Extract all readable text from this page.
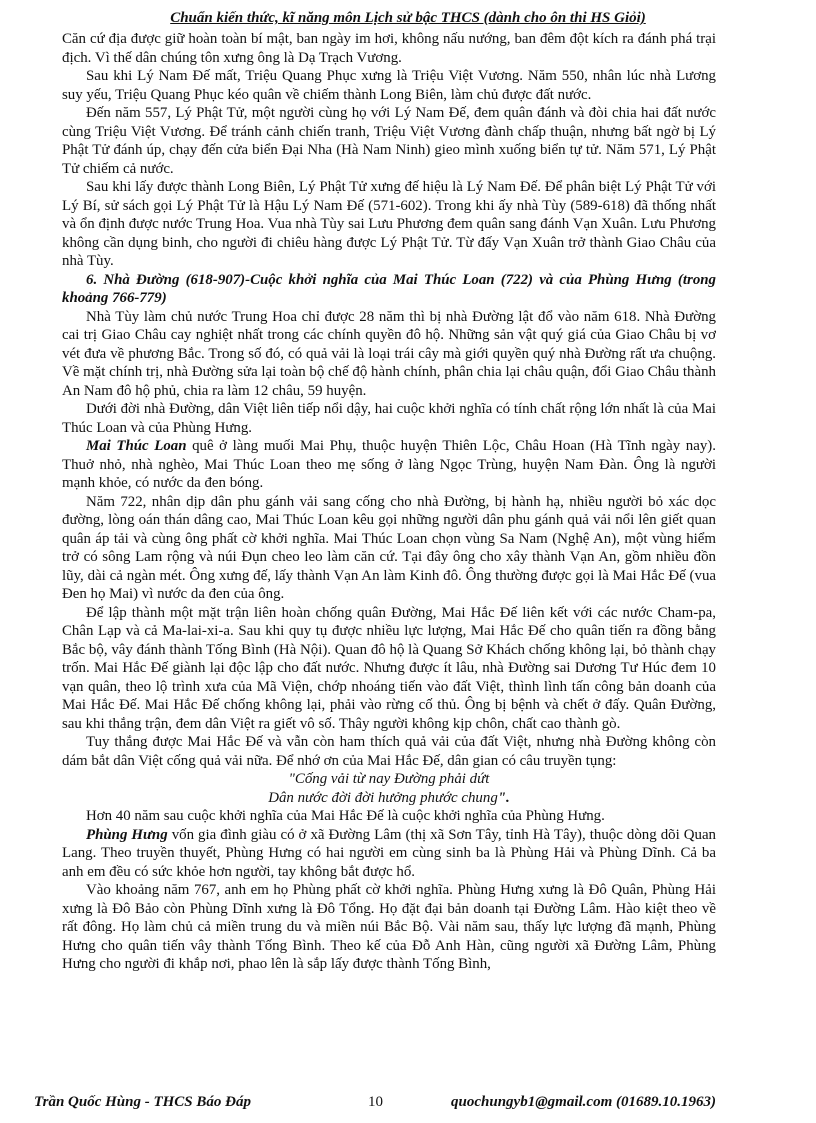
Chuẩn kiến thức, kĩ năng môn Lịch sử bậc THCS (dành cho ôn thi HS Giỏi)

Căn cứ địa được giữ hoàn toàn bí mật, ban ngày im hơi, không nấu nướng, ban đêm đột kích ra đánh phá trại địch. Vì thế dân chúng tôn xưng ông là Dạ Trạch Vương.

Sau khi Lý Nam Đế mất, Triệu Quang Phục xưng là Triệu Việt Vương. Năm 550, nhân lúc nhà Lương suy yếu, Triệu Quang Phục kéo quân về chiếm thành Long Biên, làm chủ được đất nước.

Đến năm 557, Lý Phật Tử, một người cùng họ với Lý Nam Đế, đem quân đánh và đòi chia hai đất nước cùng Triệu Việt Vương. Để tránh cảnh chiến tranh, Triệu Việt Vương đành chấp thuận, nhưng bất ngờ bị Lý Phật Tử đánh úp, chạy đến cửa biển Đại Nha (Hà Nam Ninh) gieo mình xuống biển tự tử. Năm 571, Lý Phật Tử chiếm cả nước.

Sau khi lấy được thành Long Biên, Lý Phật Tử xưng đế hiệu là Lý Nam Đế. Để phân biệt Lý Phật Tử với Lý Bí, sử sách gọi Lý Phật Tử là Hậu Lý Nam Đế (571-602). Trong khi ấy nhà Tùy (589-618) đã thống nhất và ổn định được nước Trung Hoa. Vua nhà Tùy sai Lưu Phương đem quân sang đánh Vạn Xuân. Lưu Phương không cần dụng binh, cho người đi chiêu hàng được Lý Phật Tử. Từ đấy Vạn Xuân trở thành Giao Châu của nhà Tùy.

6. Nhà Đường (618-907)-Cuộc khởi nghĩa của Mai Thúc Loan (722) và của Phùng Hưng (trong khoảng 766-779)

Nhà Tùy làm chủ nước Trung Hoa chỉ được 28 năm thì bị nhà Đường lật đổ vào năm 618. Nhà Đường cai trị Giao Châu cay nghiệt nhất trong các chính quyền đô hộ. Những sản vật quý giá của Giao Châu bị vơ vét đưa về phương Bắc. Trong số đó, có quả vải là loại trái cây mà giới quyền quý nhà Đường rất ưa chuộng. Về mặt chính trị, nhà Đường sửa lại toàn bộ chế độ hành chính, phân chia lại châu quận, đổi Giao Châu thành An Nam đô hộ phủ, chia ra làm 12 châu, 59 huyện.

Dưới đời nhà Đường, dân Việt liên tiếp nổi dậy, hai cuộc khởi nghĩa có tính chất rộng lớn nhất là của Mai Thúc Loan và của Phùng Hưng.

Mai Thúc Loan quê ở làng muối Mai Phụ, thuộc huyện Thiên Lộc, Châu Hoan (Hà Tĩnh ngày nay). Thuở nhỏ, nhà nghèo, Mai Thúc Loan theo mẹ sống ở làng Ngọc Trùng, huyện Nam Đàn. Ông là người mạnh khỏe, có nước da đen bóng.

Năm 722, nhân dịp dân phu gánh vải sang cống cho nhà Đường, bị hành hạ, nhiều người bỏ xác dọc đường, lòng oán thán dâng cao, Mai Thúc Loan kêu gọi những người dân phu gánh quả vải nổi lên giết quan quân áp tải và cùng ông phất cờ khởi nghĩa. Mai Thúc Loan chọn vùng Sa Nam (Nghệ An), một vùng hiểm trở có sông Lam rộng và núi Đụn cheo leo làm căn cứ. Tại đây ông cho xây thành Vạn An, gồm nhiều đồn lũy, dài cả ngàn mét. Ông xưng đế, lấy thành Vạn An làm Kinh đô. Ông thường được gọi là Mai Hắc Đế (vua Đen họ Mai) vì nước da đen của ông.

Để lập thành một mặt trận liên hoàn chống quân Đường, Mai Hắc Đế liên kết với các nước Cham-pa, Chân Lạp và cả Ma-lai-xi-a. Sau khi quy tụ được nhiều lực lượng, Mai Hắc Đế cho quân tiến ra đồng bằng Bắc bộ, vây đánh thành Tống Bình (Hà Nội). Quan đô hộ là Quang Sở Khách chống không lại, bỏ thành chạy trốn. Mai Hắc Đế giành lại độc lập cho đất nước. Nhưng được ít lâu, nhà Đường sai Dương Tư Húc đem 10 vạn quân, theo lộ trình xưa của Mã Viện, chớp nhoáng tiến vào đất Việt, thình lình tấn công bản doanh của Mai Hắc Đế. Mai Hắc Đế chống không lại, phải vào rừng cố thủ. Ông bị bệnh và chết ở đấy. Quân Đường, sau khi thắng trận, đem dân Việt ra giết vô số. Thây người không kịp chôn, chất cao thành gò.

Tuy thắng được Mai Hắc Đế và vẫn còn ham thích quả vải của đất Việt, nhưng nhà Đường không còn dám bắt dân Việt cống quả vải nữa. Để nhớ ơn của Mai Hắc Đế, dân gian có câu truyền tụng:

"Cống vải từ nay Đường phải dứt

Dân nước đời đời hưởng phước chung".

Hơn 40 năm sau cuộc khởi nghĩa của Mai Hắc Đế là cuộc khởi nghĩa của Phùng Hưng.

Phùng Hưng vốn gia đình giàu có ở xã Đường Lâm (thị xã Sơn Tây, tỉnh Hà Tây), thuộc dòng dõi Quan Lang. Theo truyền thuyết, Phùng Hưng có hai người em cùng sinh ba là Phùng Hải và Phùng Dĩnh. Cả ba anh em đều có sức khỏe hơn người, tay không bắt được hổ.

Vào khoảng năm 767, anh em họ Phùng phất cờ khởi nghĩa. Phùng Hưng xưng là Đô Quân, Phùng Hải xưng là Đô Bảo còn Phùng Dĩnh xưng là Đô Tổng. Họ đặt đại bản doanh tại Đường Lâm. Hào kiệt theo về rất đông. Họ làm chủ cả miền trung du và miền núi Bắc Bộ. Vài năm sau, thấy lực lượng đã mạnh, Phùng Hưng cho quân tiến vây thành Tống Bình. Theo kế của Đỗ Anh Hàn, cũng người xã Đường Lâm, Phùng Hưng cho người đi khắp nơi, phao lên là sắp lấy được thành Tống Bình,

Trần Quốc Hùng - THCS Báo Đáp	10	quochungyb1@gmail.com (01689.10.1963)
